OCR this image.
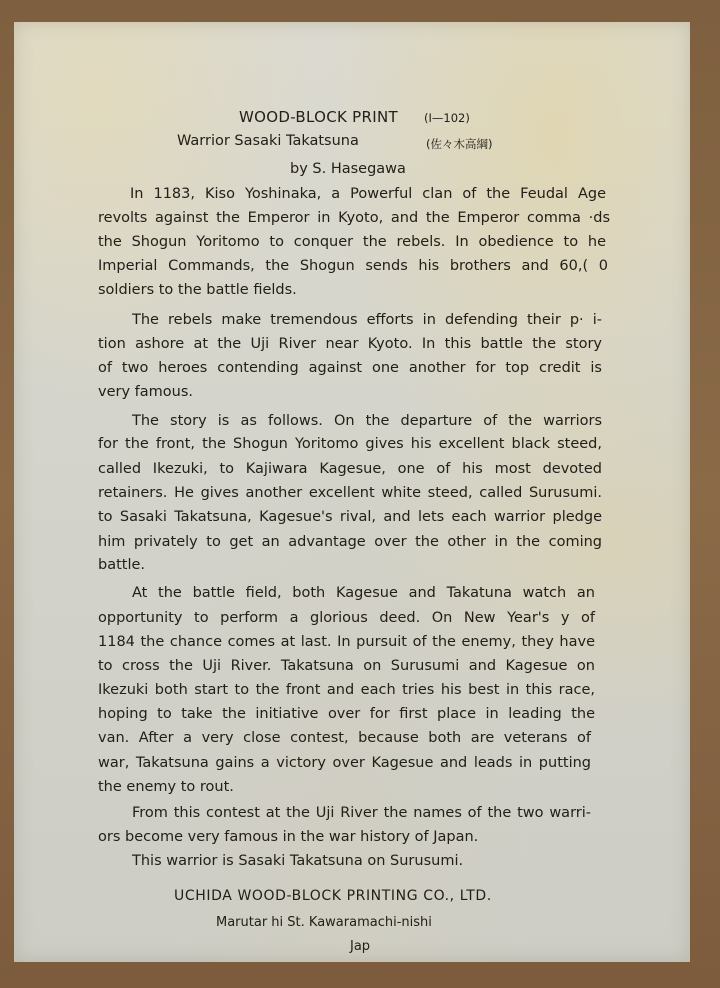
WOOD-BLOCK PRINT (I—102)
Warrior Sasaki Takatsuna	(佐々木高綱)
by S. Hasegawa
In 1183, Kiso Yoshinaka, a Powerful clan of the Feudal Age
revolts against the Emperor in Kyoto, and the Emperor comma ·ds
the Shogun Yoritomo to conquer the rebels. In obedience to he
Imperial Commands, the Shogun sends his brothers and 60,( 0
soldiers to the battle fields.
The rebels make tremendous efforts in defending their p· i-
tion ashore at the Uji River near Kyoto. In this battle the story
of two heroes contending against one another for top credit is
very famous.
The story is as follows. On the departure of the warriors
for the front, the Shogun Yoritomo gives his excellent black steed,
called Ikezuki, to Kajiwara Kagesue, one of his most devoted
retainers. He gives another excellent white steed, called Surusumi.
to Sasaki Takatsuna, Kagesue's rival, and lets each warrior pledge
him privately to get an advantage over the other in the coming
battle.
At the battle field, both Kagesue and Takatuna watch an
opportunity to perform a glorious deed. On New Year's y of
1184 the chance comes at last. In pursuit of the enemy, they have
to cross the Uji River. Takatsuna on Surusumi and Kagesue on
Ikezuki both start to the front and each tries his best in this race,
hoping to take the initiative over for first place in leading the
van. After a very close contest, because both are veterans of
war, Takatsuna gains a victory over Kagesue and leads in putting
the enemy to rout.
From this contest at the Uji River the names of the two warri-
ors become very famous in the war history of Japan.
This warrior is Sasaki Takatsuna on Surusumi.
UCHIDA WOOD-BLOCK PRINTING CO., LTD.
Marutar hi St. Kawaramachi-nishi
Jap
